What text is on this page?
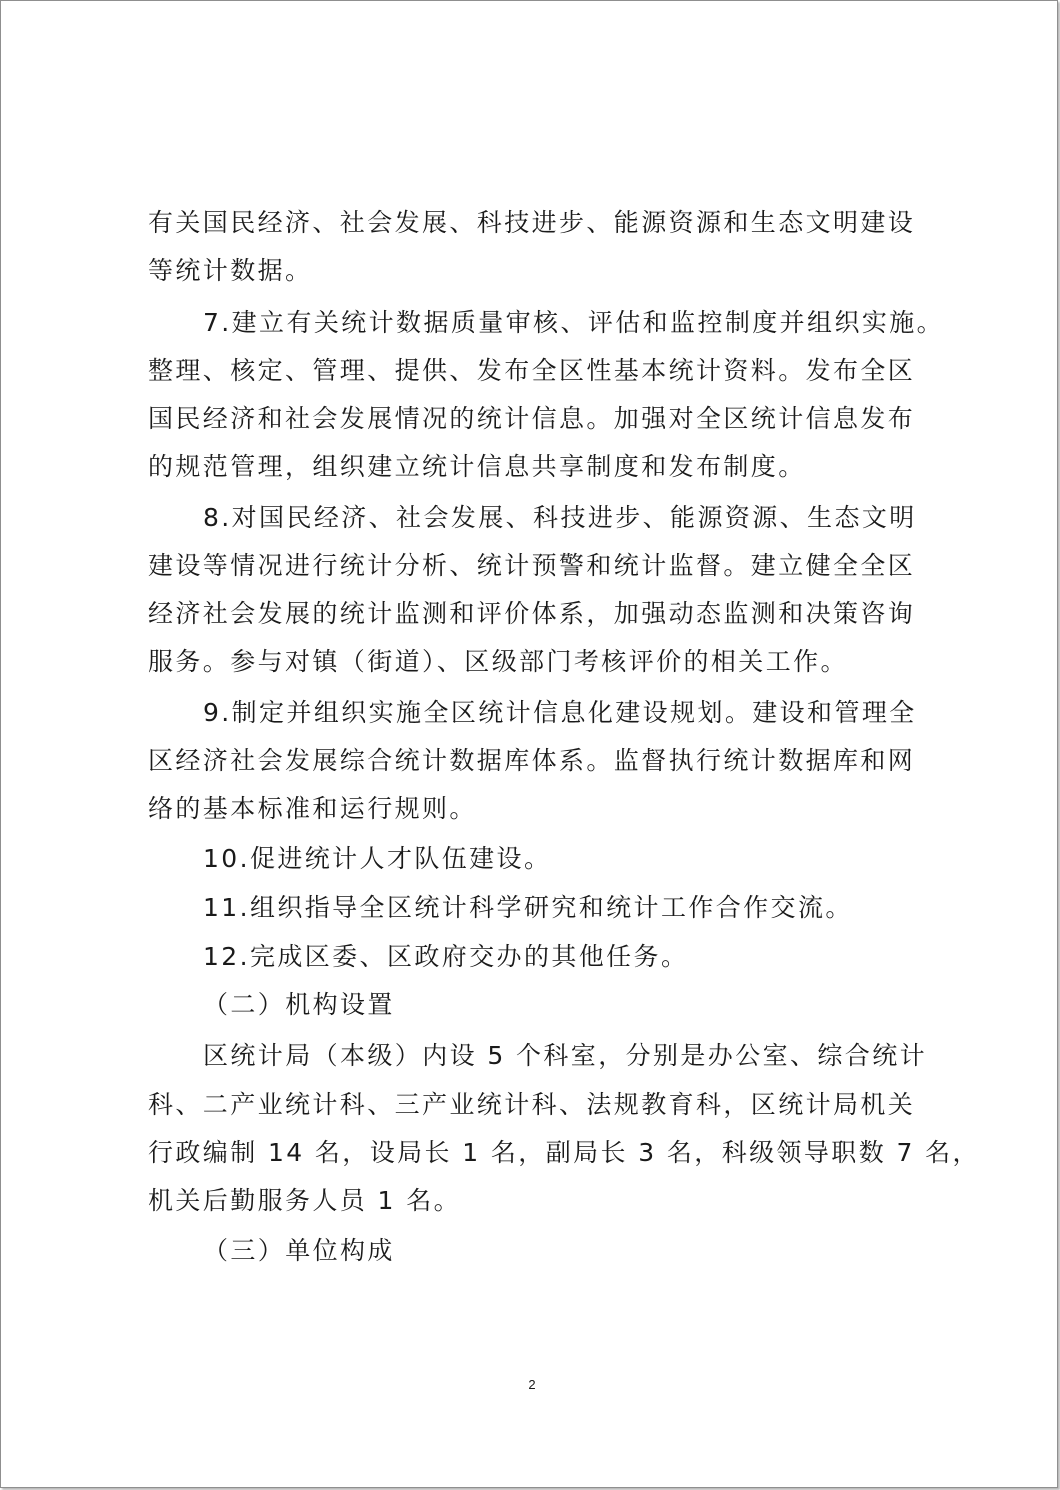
有关国民经济、社会发展、科技进步、能源资源和生态文明建设
等统计数据。
7.建立有关统计数据质量审核、评估和监控制度并组织实施。
整理、核定、管理、提供、发布全区性基本统计资料。发布全区
国民经济和社会发展情况的统计信息。加强对全区统计信息发布
的规范管理，组织建立统计信息共享制度和发布制度。
8.对国民经济、社会发展、科技进步、能源资源、生态文明
建设等情况进行统计分析、统计预警和统计监督。建立健全全区
经济社会发展的统计监测和评价体系，加强动态监测和决策咨询
服务。参与对镇（街道）、区级部门考核评价的相关工作。
9.制定并组织实施全区统计信息化建设规划。建设和管理全
区经济社会发展综合统计数据库体系。监督执行统计数据库和网
络的基本标准和运行规则。
10.促进统计人才队伍建设。
11.组织指导全区统计科学研究和统计工作合作交流。
12.完成区委、区政府交办的其他任务。
（二）机构设置
区统计局（本级）内设 5 个科室，分别是办公室、综合统计
科、二产业统计科、三产业统计科、法规教育科，区统计局机关
行政编制 14 名，设局长 1 名，副局长 3 名，科级领导职数 7 名，
机关后勤服务人员 1 名。
（三）单位构成
2
